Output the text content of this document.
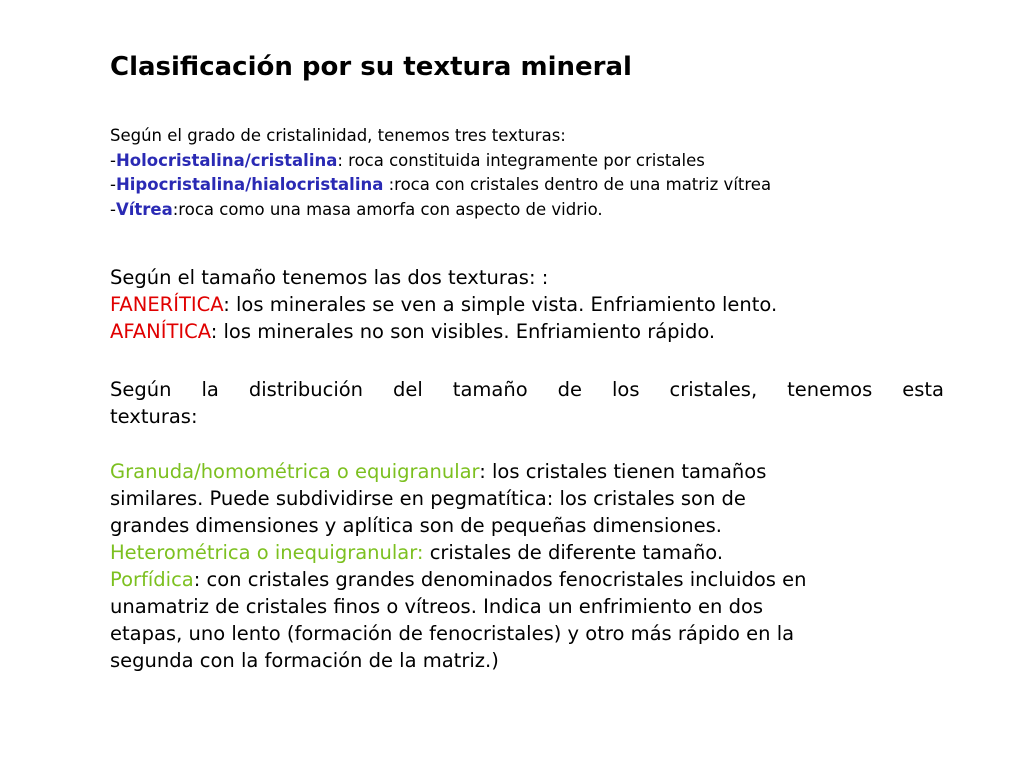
Clasificación por su textura mineral

Según el grado de cristalinidad, tenemos tres texturas:

-Holocristalina/cristalina: roca constituida integramente por cristales

-Hipocristalina/hialocristalina :roca con cristales dentro de una matriz vítrea

-Vítrea:roca como una masa amorfa con aspecto de vidrio.

Según el tamaño tenemos las dos texturas: :

FANERÍTICA: los minerales se ven a simple vista. Enfriamiento lento.

AFANÍTICA: los minerales no son visibles. Enfriamiento rápido.

Según la distribución del tamaño de los cristales, tenemos esta
texturas:

Granuda/homométrica o equigranular: los cristales tienen tamaños

similares. Puede subdividirse en pegmatítica: los cristales son de

grandes dimensiones y aplítica son de pequeñas dimensiones.

Heterométrica o inequigranular: cristales de diferente tamaño.

Porfídica: con cristales grandes denominados fenocristales incluidos en

unamatriz de cristales finos o vítreos. Indica un enfrimiento en dos

etapas, uno lento (formación de fenocristales) y otro más rápido en la

segunda con la formación de la matriz.)
